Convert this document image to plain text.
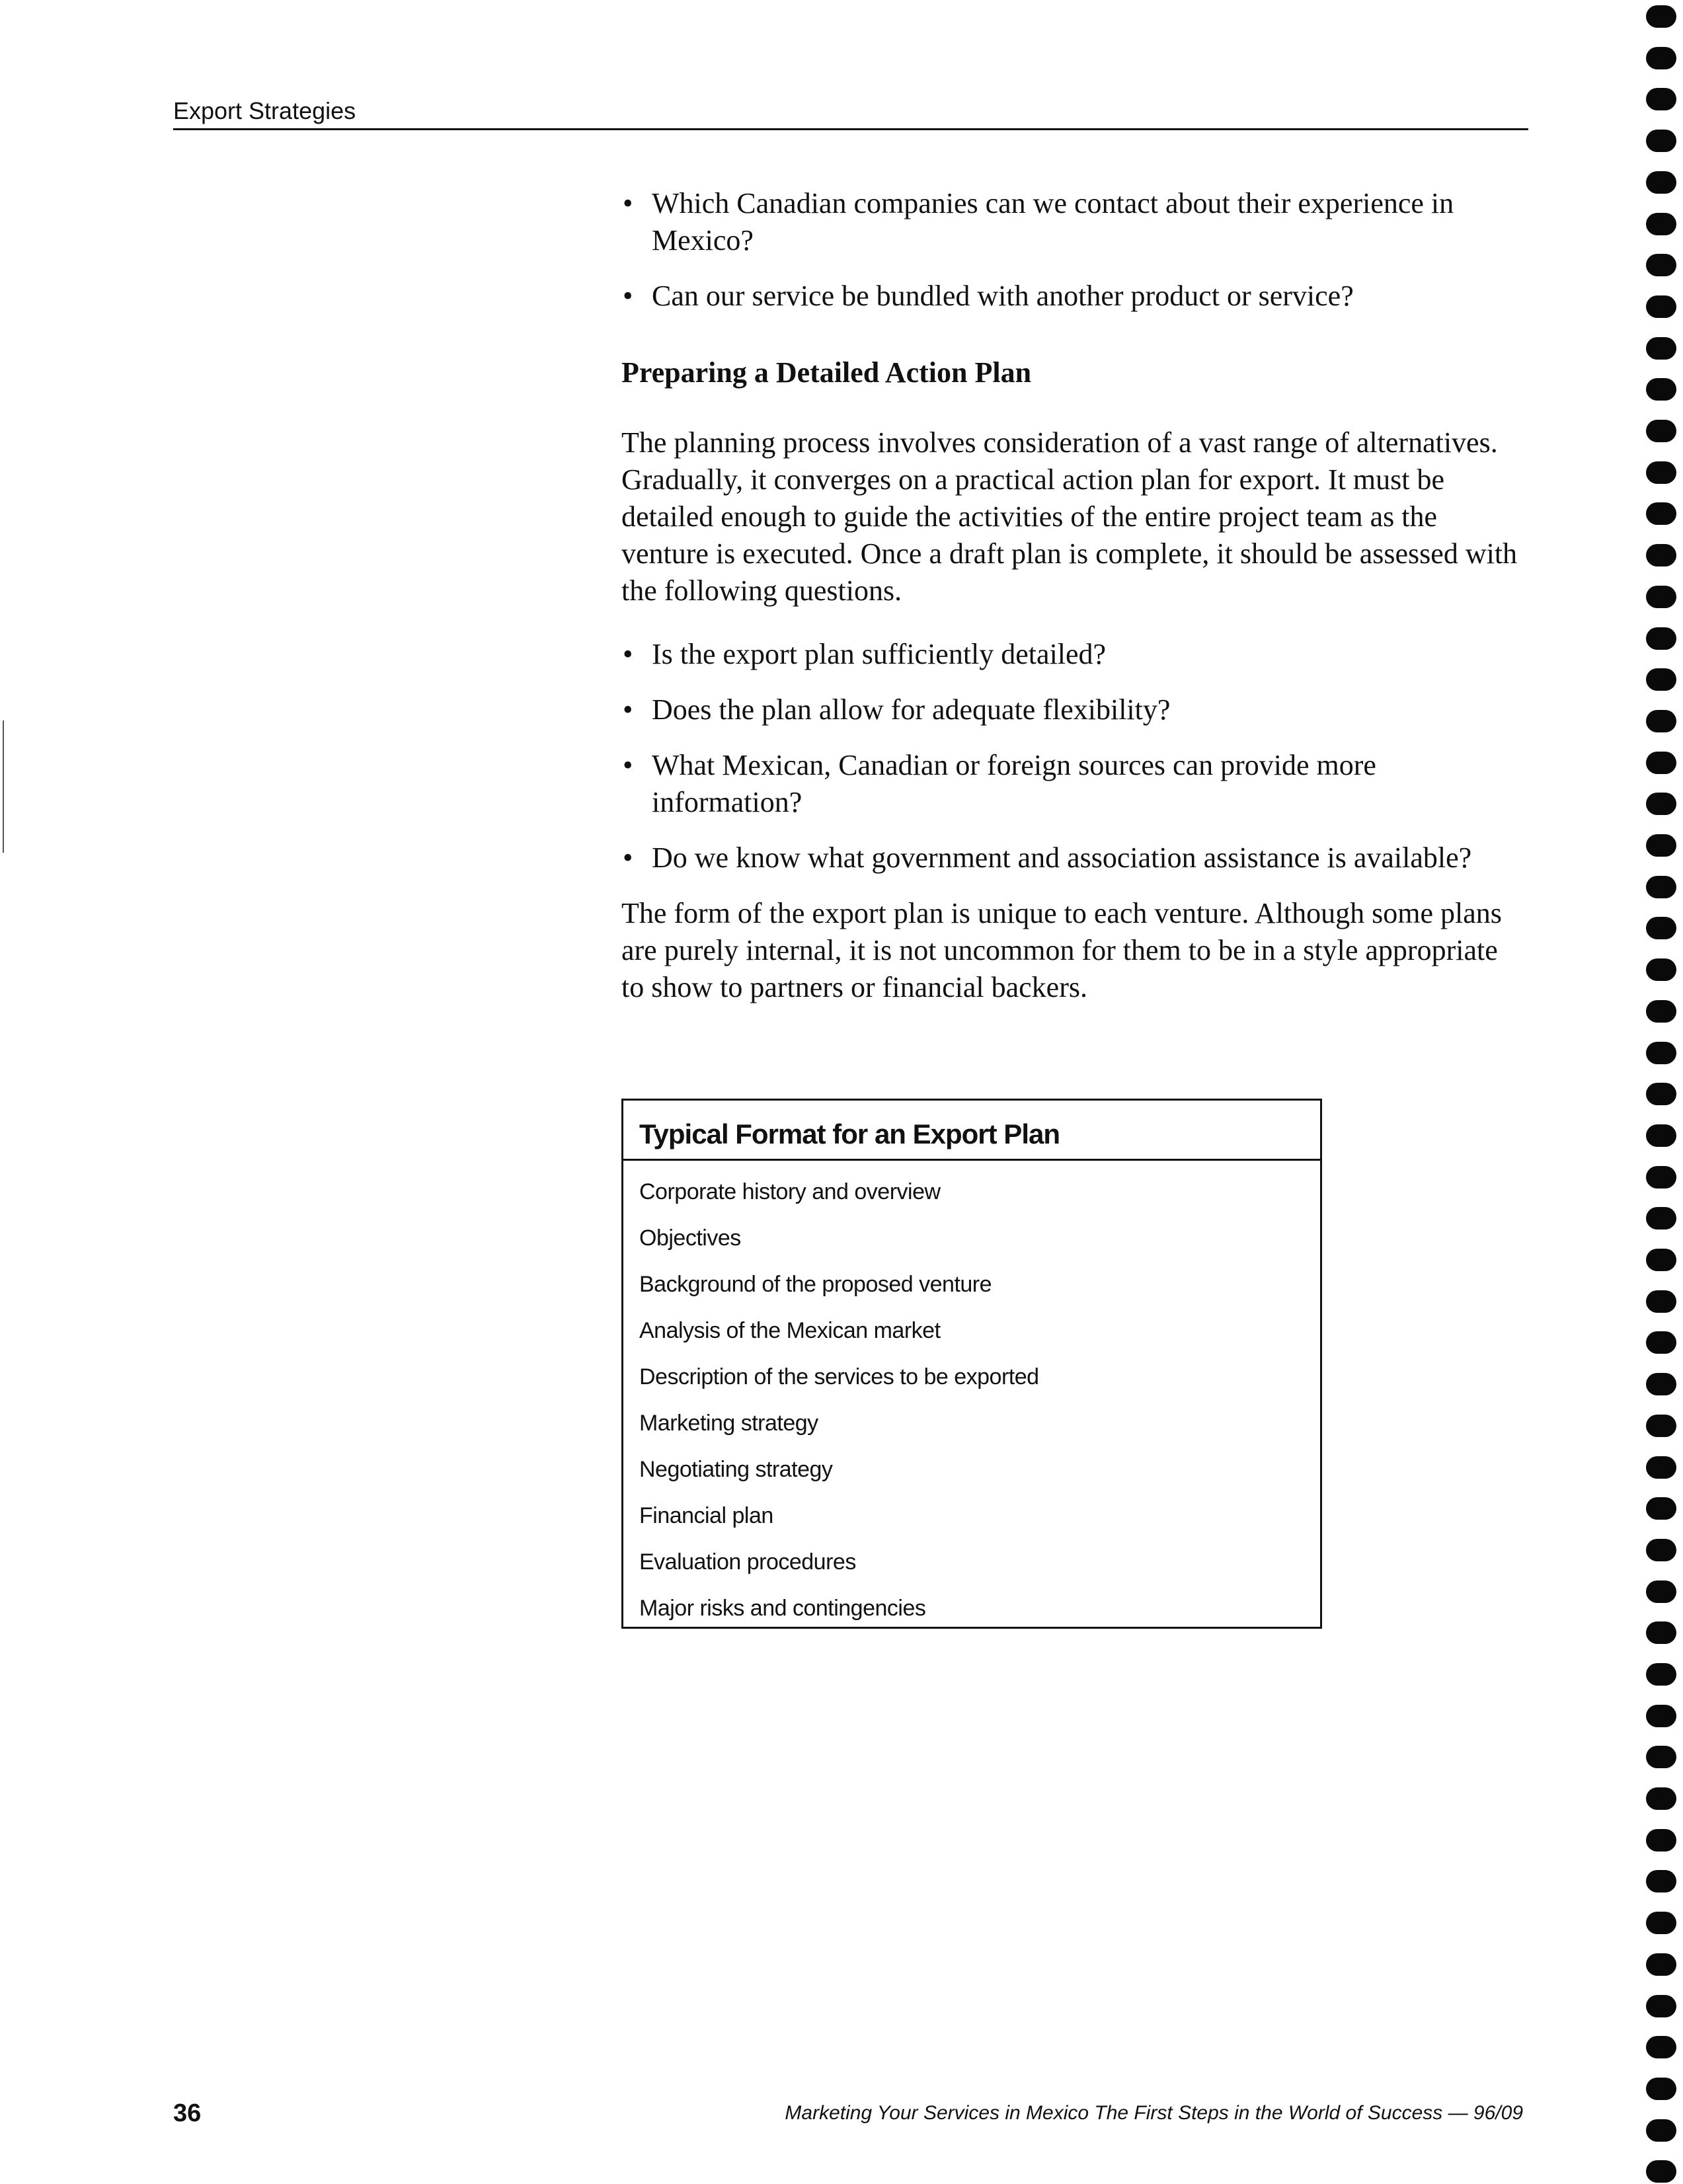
Export Strategies
• Which Canadian companies can we contact about their experience in Mexico?
• Can our service be bundled with another product or service?
Preparing a Detailed Action Plan

The planning process involves consideration of a vast range of alternatives. Gradually, it converges on a practical action plan for export. It must be detailed enough to guide the activities of the entire project team as the venture is executed. Once a draft plan is complete, it should be assessed with the following questions.

• Is the export plan sufficiently detailed?
• Does the plan allow for adequate flexibility?
• What Mexican, Canadian or foreign sources can provide more information?
• Do we know what government and association assistance is available?

The form of the export plan is unique to each venture. Although some plans are purely internal, it is not uncommon for them to be in a style appropriate to show to partners or financial backers.

Typical Format for an Export Plan
Corporate history and overview
Objectives
Background of the proposed venture
Analysis of the Mexican market
Description of the services to be exported
Marketing strategy
Negotiating strategy
Financial plan
Evaluation procedures
Major risks and contingencies
36	Marketing Your Services in Mexico The First Steps in the World of Success — 96/09
